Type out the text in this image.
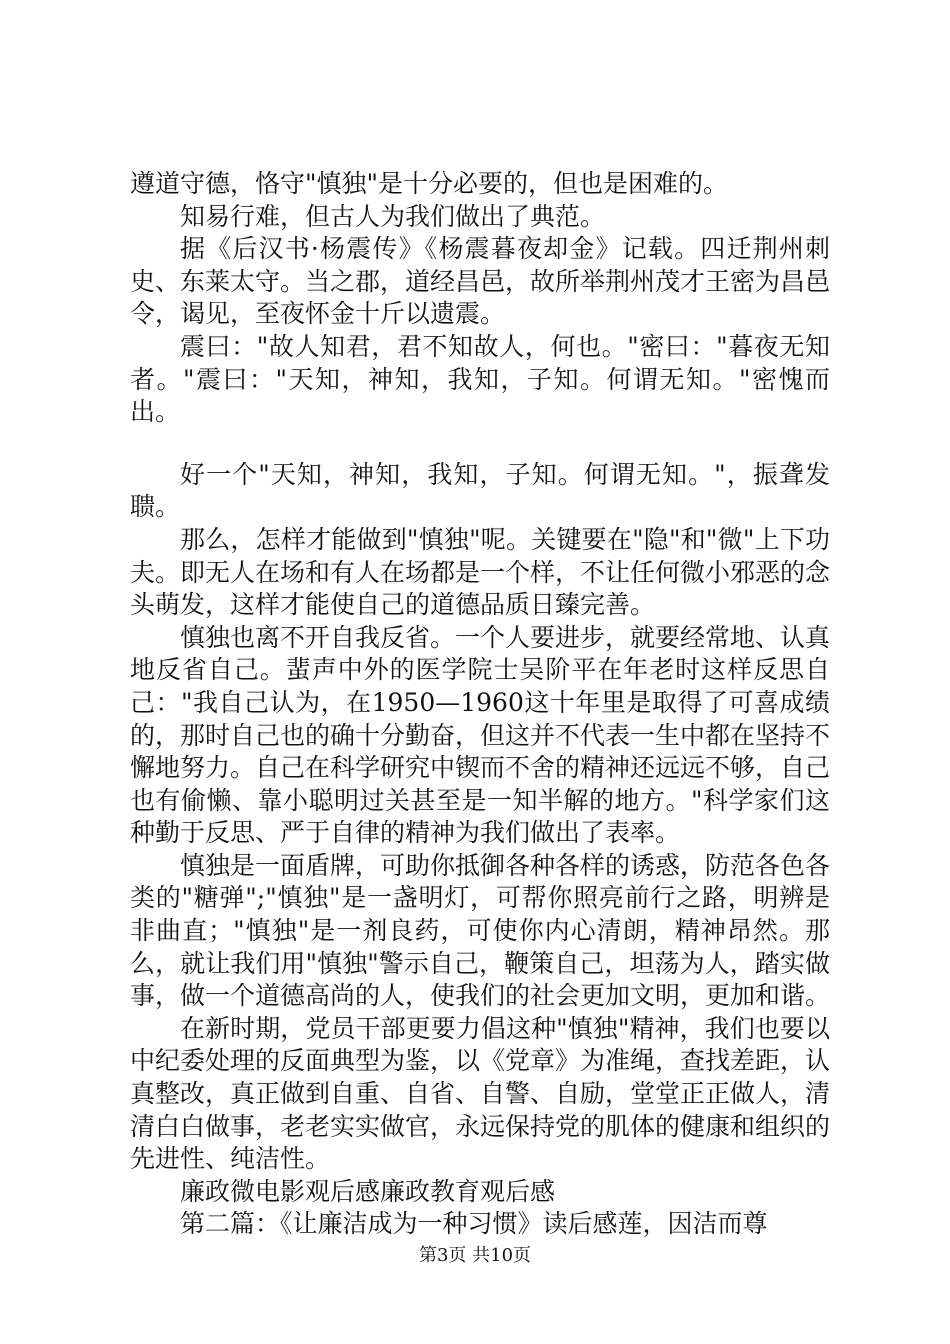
遵道守德，恪守"慎独"是十分必要的，但也是困难的。

知易行难，但古人为我们做出了典范。

据《后汉书·杨震传》《杨震暮夜却金》记载。四迁荆州刺史、东莱太守。当之郡，道经昌邑，故所举荆州茂才王密为昌邑令，谒见，至夜怀金十斤以遗震。

震曰："故人知君，君不知故人，何也。"密曰："暮夜无知者。"震曰："天知，神知，我知，子知。何谓无知。"密愧而出。

好一个"天知，神知，我知，子知。何谓无知。"，振聋发聩。

那么，怎样才能做到"慎独"呢。关键要在"隐"和"微"上下功夫。即无人在场和有人在场都是一个样，不让任何微小邪恶的念头萌发，这样才能使自己的道德品质日臻完善。

慎独也离不开自我反省。一个人要进步，就要经常地、认真地反省自己。蜚声中外的医学院士吴阶平在年老时这样反思自己："我自己认为，在1950—1960这十年里是取得了可喜成绩的，那时自己也的确十分勤奋，但这并不代表一生中都在坚持不懈地努力。自己在科学研究中锲而不舍的精神还远远不够，自己也有偷懒、靠小聪明过关甚至是一知半解的地方。"科学家们这种勤于反思、严于自律的精神为我们做出了表率。

慎独是一面盾牌，可助你抵御各种各样的诱惑，防范各色各类的"糖弹";"慎独"是一盏明灯，可帮你照亮前行之路，明辨是非曲直；"慎独"是一剂良药，可使你内心清朗，精神昂然。那么，就让我们用"慎独"警示自己，鞭策自己，坦荡为人，踏实做事，做一个道德高尚的人，使我们的社会更加文明，更加和谐。

在新时期，党员干部更要力倡这种"慎独"精神，我们也要以中纪委处理的反面典型为鉴，以《党章》为准绳，查找差距，认真整改，真正做到自重、自省、自警、自励，堂堂正正做人，清清白白做事，老老实实做官，永远保持党的肌体的健康和组织的先进性、纯洁性。

廉政微电影观后感廉政教育观后感

第二篇：《让廉洁成为一种习惯》读后感莲，因洁而尊

第3页 共10页
